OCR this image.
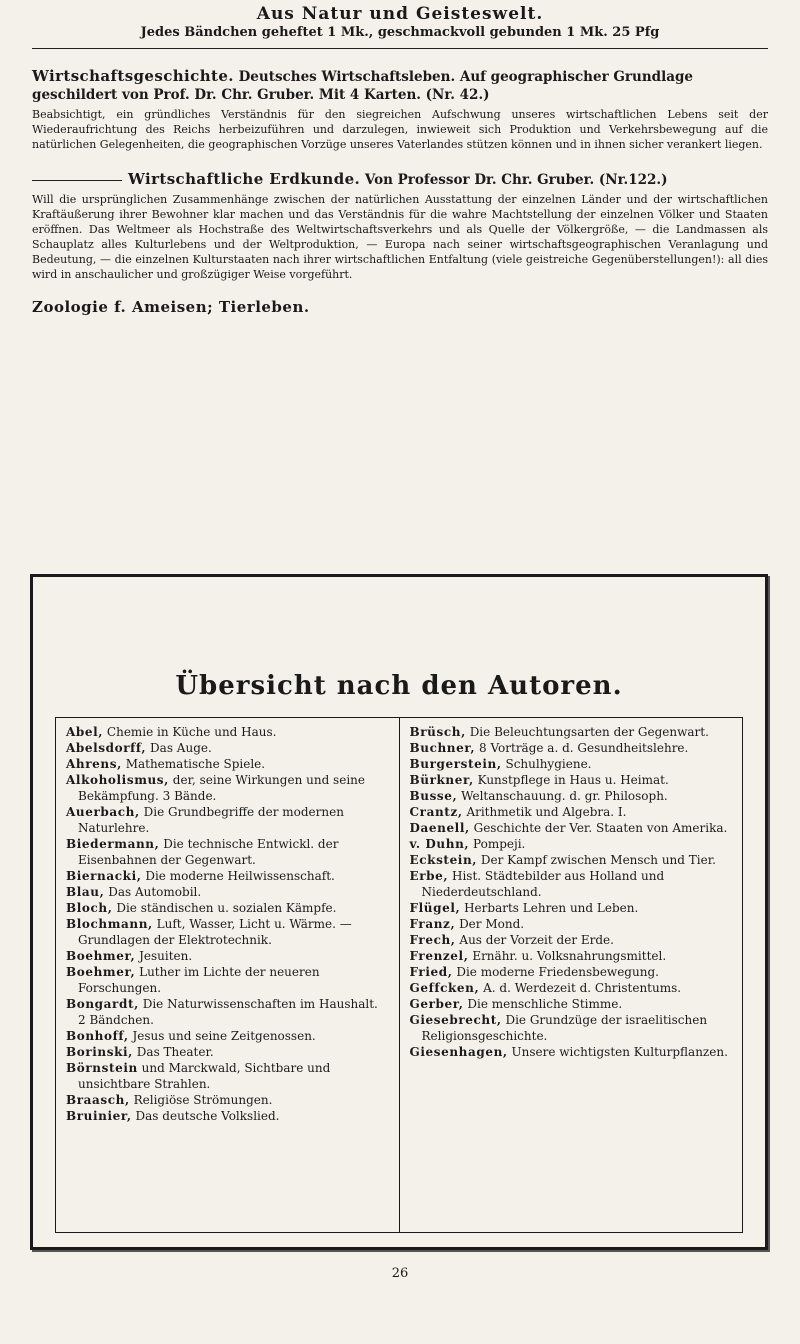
Aus Natur und Geisteswelt.
Jedes Bändchen geheftet 1 Mk., geschmackvoll gebunden 1 Mk. 25 Pfg
Wirtschaftsgeschichte. Deutsches Wirtschaftsleben. Auf geographischer Grundlage geschildert von Prof. Dr. Chr. Gruber. Mit 4 Karten. (Nr. 42.)
Beabsichtigt, ein gründliches Verständnis für den siegreichen Aufschwung unseres wirtschaftlichen Lebens seit der Wiederaufrichtung des Reichs herbeizuführen und darzulegen, inwieweit sich Produktion und Verkehrsbewegung auf die natürlichen Gelegenheiten, die geographischen Vorzüge unseres Vaterlandes stützen können und in ihnen sicher verankert liegen.
Wirtschaftliche Erdkunde. Von Professor Dr. Chr. Gruber. (Nr.122.)
Will die ursprünglichen Zusammenhänge zwischen der natürlichen Ausstattung der einzelnen Länder und der wirtschaftlichen Kraftäußerung ihrer Bewohner klar machen und das Verständnis für die wahre Machtstellung der einzelnen Völker und Staaten eröffnen. Das Weltmeer als Hochstraße des Weltwirtschaftsverkehrs und als Quelle der Völkergröße, — die Landmassen als Schauplatz alles Kulturlebens und der Weltproduktion, — Europa nach seiner wirtschaftsgeographischen Veranlagung und Bedeutung, — die einzelnen Kulturstaaten nach ihrer wirtschaftlichen Entfaltung (viele geistreiche Gegenüberstellungen!): all dies wird in anschaulicher und großzügiger Weise vorgeführt.
Zoologie f. Ameisen; Tierleben.
Übersicht nach den Autoren.
Abel, Chemie in Küche und Haus.
Abelsdorff, Das Auge.
Ahrens, Mathematische Spiele.
Alkoholismus, der, seine Wirkungen und seine Bekämpfung. 3 Bände.
Auerbach, Die Grundbegriffe der modernen Naturlehre.
Biedermann, Die technische Entwickl. der Eisenbahnen der Gegenwart.
Biernacki, Die moderne Heilwissenschaft.
Blau, Das Automobil.
Bloch, Die ständischen u. sozialen Kämpfe.
Blochmann, Luft, Wasser, Licht u. Wärme. — Grundlagen der Elektrotechnik.
Boehmer, Jesuiten.
Boehmer, Luther im Lichte der neueren Forschungen.
Bongardt, Die Naturwissenschaften im Haushalt. 2 Bändchen.
Bonhoff, Jesus und seine Zeitgenossen.
Borinski, Das Theater.
Börnstein und Marckwald, Sichtbare und unsichtbare Strahlen.
Braasch, Religiöse Strömungen.
Bruinier, Das deutsche Volkslied.
Brüsch, Die Beleuchtungsarten der Gegenwart.
Buchner, 8 Vorträge a. d. Gesundheitslehre.
Burgerstein, Schulhygiene.
Bürkner, Kunstpflege in Haus u. Heimat.
Busse, Weltanschauung. d. gr. Philosoph.
Crantz, Arithmetik und Algebra. I.
Daenell, Geschichte der Ver. Staaten von Amerika.
v. Duhn, Pompeji.
Eckstein, Der Kampf zwischen Mensch und Tier.
Erbe, Hist. Städtebilder aus Holland und Niederdeutschland.
Flügel, Herbarts Lehren und Leben.
Franz, Der Mond.
Frech, Aus der Vorzeit der Erde.
Frenzel, Ernähr. u. Volksnahrungsmittel.
Fried, Die moderne Friedensbewegung.
Geffcken, A. d. Werdezeit d. Christentums.
Gerber, Die menschliche Stimme.
Giesebrecht, Die Grundzüge der israelitischen Religionsgeschichte.
Giesenhagen, Unsere wichtigsten Kulturpflanzen.
26
